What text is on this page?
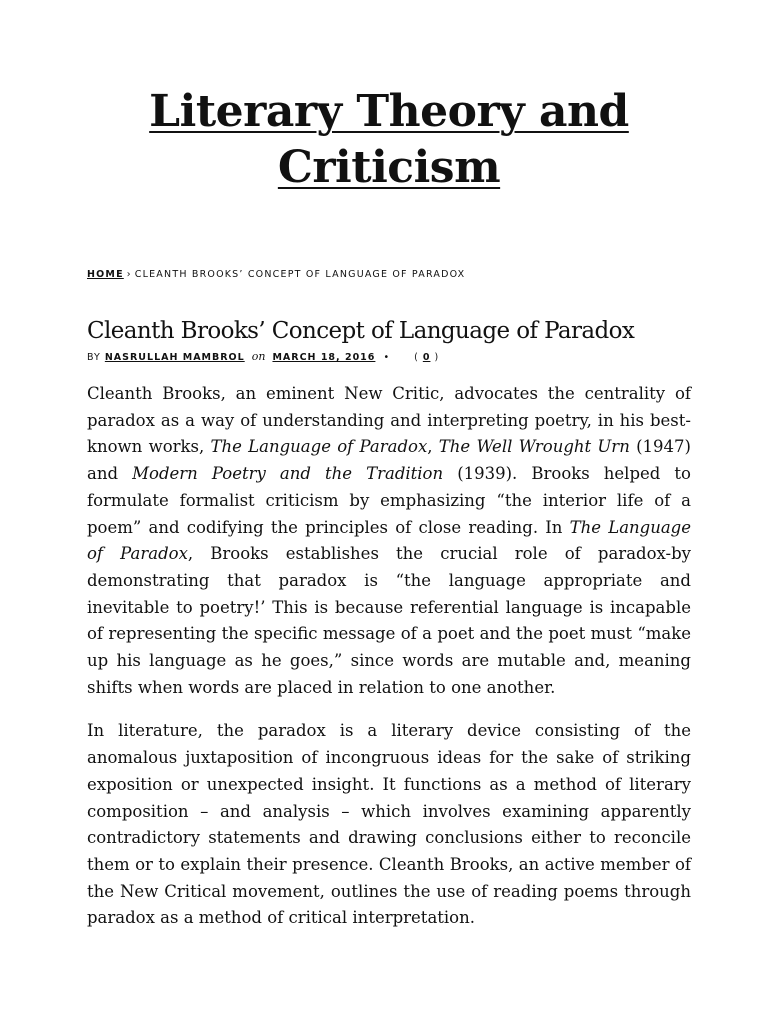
Literary Theory and
Criticism
HOME › CLEANTH BROOKS’ CONCEPT OF LANGUAGE OF PARADOX
Cleanth Brooks’ Concept of Language of Paradox
BY NASRULLAH MAMBROL on MARCH 18, 2016 •	( 0 )

Cleanth Brooks, an eminent New Critic, advocates the centrality of paradox as a way of understanding and interpreting poetry, in his best-known works, The Language of Paradox, The Well Wrought Urn (1947) and Modern Poetry and the Tradition (1939). Brooks helped to formulate formalist criticism by emphasizing “the interior life of a poem” and codifying the principles of close reading. In The Language of Paradox, Brooks establishes the crucial role of paradox-by demonstrating that paradox is “the language appropriate and inevitable to poetry!’ This is because referential language is incapable of representing the specific message of a poet and the poet must “make up his language as he goes,” since words are mutable and, meaning shifts when words are placed in relation to one another.

In literature, the paradox is a literary device consisting of the anomalous juxtaposition of incongruous ideas for the sake of striking exposition or unexpected insight. It functions as a method of literary composition – and analysis – which involves examining apparently contradictory statements and drawing conclusions either to reconcile them or to explain their presence. Cleanth Brooks, an active member of the New Critical movement, outlines the use of reading poems through paradox as a method of critical interpretation.
